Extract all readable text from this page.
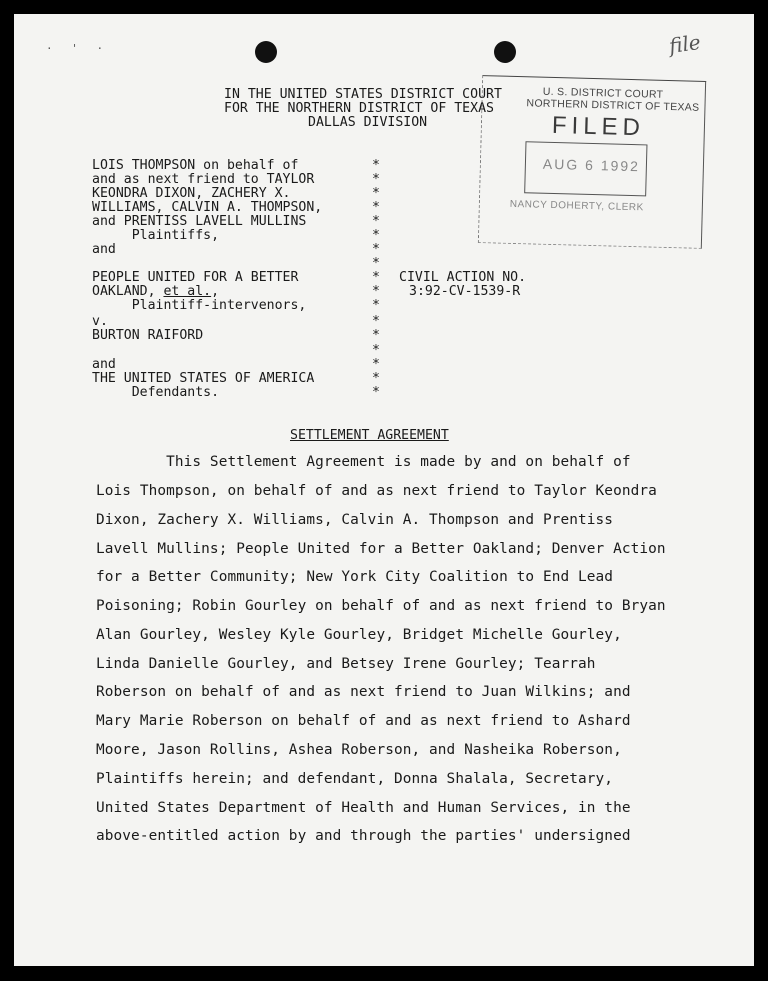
· ' ·	file
IN THE UNITED STATES DISTRICT COURT
FOR THE NORTHERN DISTRICT OF TEXAS
DALLAS DIVISION
U. S. DISTRICT COURT
NORTHERN DISTRICT OF TEXAS
FILED
AUG 6 1992
NANCY DOHERTY, CLERK
LOIS THOMPSON on behalf of
and as next friend to TAYLOR
KEONDRA DIXON, ZACHERY X.
WILLIAMS, CALVIN A. THOMPSON,
and PRENTISS LAVELL MULLINS
Plaintiffs,
and
PEOPLE UNITED FOR A BETTER
OAKLAND, et al.,
Plaintiff-intervenors,
v.
BURTON RAIFORD
and
THE UNITED STATES OF AMERICA
Defendants.
*
*
*
*
*
*
*
*
*
*
*
*
*
*
*
*
*
CIVIL ACTION NO.
3:92-CV-1539-R
SETTLEMENT AGREEMENT
This Settlement Agreement is made by and on behalf of
Lois Thompson, on behalf of and as next friend to Taylor Keondra
Dixon, Zachery X. Williams, Calvin A. Thompson and Prentiss
Lavell Mullins; People United for a Better Oakland; Denver Action
for a Better Community; New York City Coalition to End Lead
Poisoning; Robin Gourley on behalf of and as next friend to Bryan
Alan Gourley, Wesley Kyle Gourley, Bridget Michelle Gourley,
Linda Danielle Gourley, and Betsey Irene Gourley; Tearrah
Roberson on behalf of and as next friend to Juan Wilkins; and
Mary Marie Roberson on behalf of and as next friend to Ashard
Moore, Jason Rollins, Ashea Roberson, and Nasheika Roberson,
Plaintiffs herein; and defendant, Donna Shalala, Secretary,
United States Department of Health and Human Services, in the
above-entitled action by and through the parties' undersigned
